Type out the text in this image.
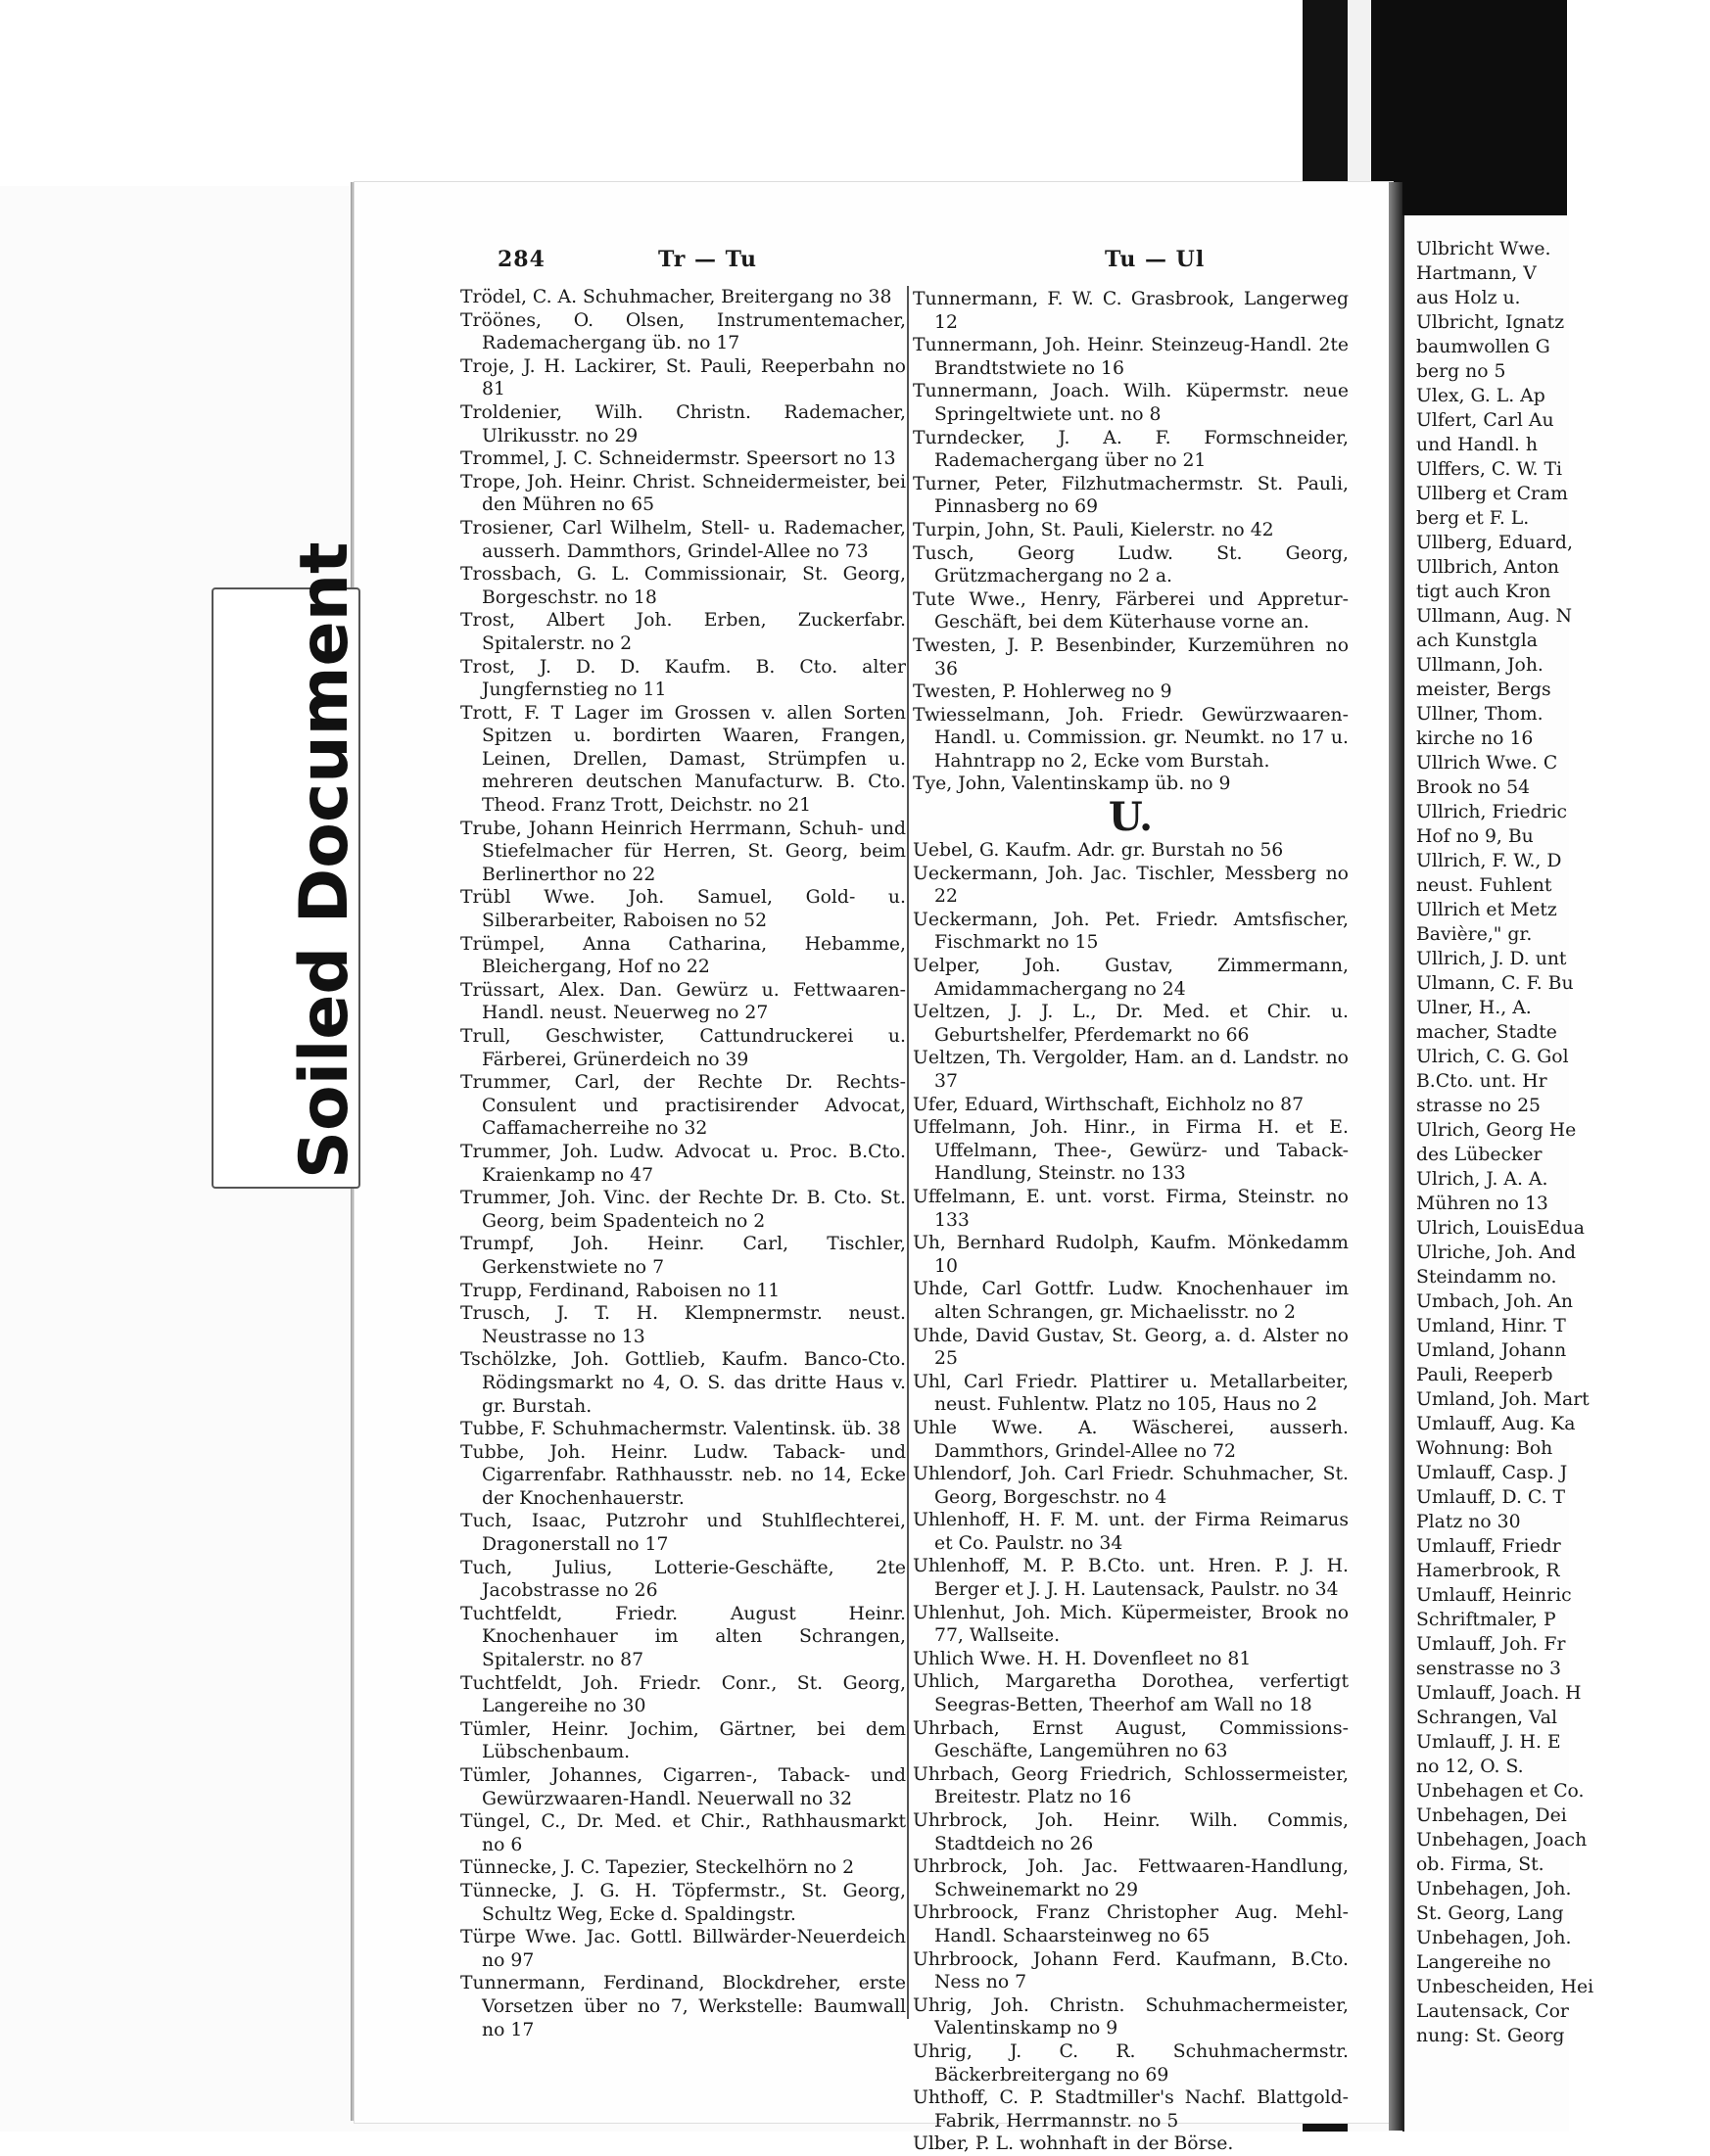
Ulbricht Wwe.
Hartmann, V
aus Holz u.
Ulbricht, Ignatz
baumwollen G
berg no 5
Ulex, G. L. Ap
Ulfert, Carl Au
und Handl. h
Ulffers, C. W. Ti
Ullberg et Cram
berg et F. L.
Ullberg, Eduard,
Ullbrich, Anton
tigt auch Kron
Ullmann, Aug. N
ach Kunstgla
Ullmann, Joh.
meister, Bergs
Ullner, Thom.
kirche no 16
Ullrich Wwe. C
Brook no 54
Ullrich, Friedric
Hof no 9, Bu
Ullrich, F. W., D
neust. Fuhlent
Ullrich et Metz
Bavière," gr.
Ullrich, J. D. unt
Ulmann, C. F. Bu
Ulner, H., A.
macher, Stadte
Ulrich, C. G. Gol
B.Cto. unt. Hr
strasse no 25
Ulrich, Georg He
des Lübecker
Ulrich, J. A. A.
Mühren no 13
Ulrich, LouisEdua
Ulriche, Joh. And
Steindamm no.
Umbach, Joh. An
Umland, Hinr. T
Umland, Johann
Pauli, Reeperb
Umland, Joh. Mart
Umlauff, Aug. Ka
Wohnung: Boh
Umlauff, Casp. J
Umlauff, D. C. T
Platz no 30
Umlauff, Friedr
Hamerbrook, R
Umlauff, Heinric
Schriftmaler, P
Umlauff, Joh. Fr
senstrasse no 3
Umlauff, Joach. H
Schrangen, Val
Umlauff, J. H. E
no 12, O. S.
Unbehagen et Co.
Unbehagen, Dei
Unbehagen, Joach
ob. Firma, St.
Unbehagen, Joh.
St. Georg, Lang
Unbehagen, Joh.
Langereihe no
Unbescheiden, Hei
Lautensack, Cor
nung: St. Georg
Soiled Document
284	Tr — Tu	Tu — Ul
Trödel, C. A. Schuhmacher, Breitergang no 38
Tröönes, O. Olsen, Instrumentemacher, Rademachergang üb. no 17
Troje, J. H. Lackirer, St. Pauli, Reeperbahn no 81
Troldenier, Wilh. Christn. Rademacher, Ulrikusstr. no 29
Trommel, J. C. Schneidermstr. Speersort no 13
Trope, Joh. Heinr. Christ. Schneidermeister, bei den Mühren no 65
Trosiener, Carl Wilhelm, Stell- u. Rademacher, ausserh. Dammthors, Grindel-Allee no 73
Trossbach, G. L. Commissionair, St. Georg, Borgeschstr. no 18
Trost, Albert Joh. Erben, Zuckerfabr. Spitalerstr. no 2
Trost, J. D. D. Kaufm. B. Cto. alter Jungfernstieg no 11
Trott, F. T Lager im Grossen v. allen Sorten Spitzen u. bordirten Waaren, Frangen, Leinen, Drellen, Damast, Strümpfen u. mehreren deutschen Manufacturw. B. Cto. Theod. Franz Trott, Deichstr. no 21
Trube, Johann Heinrich Herrmann, Schuh- und Stiefelmacher für Herren, St. Georg, beim Berlinerthor no 22
Trübl Wwe. Joh. Samuel, Gold- u. Silberarbeiter, Raboisen no 52
Trümpel, Anna Catharina, Hebamme, Bleichergang, Hof no 22
Trüssart, Alex. Dan. Gewürz u. Fettwaaren-Handl. neust. Neuerweg no 27
Trull, Geschwister, Cattundruckerei u. Färberei, Grünerdeich no 39
Trummer, Carl, der Rechte Dr. Rechts-Consulent und practisirender Advocat, Caffamacherreihe no 32
Trummer, Joh. Ludw. Advocat u. Proc. B.Cto. Kraienkamp no 47
Trummer, Joh. Vinc. der Rechte Dr. B. Cto. St. Georg, beim Spadenteich no 2
Trumpf, Joh. Heinr. Carl, Tischler, Gerkenstwiete no 7
Trupp, Ferdinand, Raboisen no 11
Trusch, J. T. H. Klempnermstr. neust. Neustrasse no 13
Tschölzke, Joh. Gottlieb, Kaufm. Banco-Cto. Rödingsmarkt no 4, O. S. das dritte Haus v. gr. Burstah.
Tubbe, F. Schuhmachermstr. Valentinsk. üb. 38
Tubbe, Joh. Heinr. Ludw. Taback- und Cigarrenfabr. Rathhausstr. neb. no 14, Ecke der Knochenhauerstr.
Tuch, Isaac, Putzrohr und Stuhlflechterei, Dragonerstall no 17
Tuch, Julius, Lotterie-Geschäfte, 2te Jacobstrasse no 26
Tuchtfeldt, Friedr. August Heinr. Knochenhauer im alten Schrangen, Spitalerstr. no 87
Tuchtfeldt, Joh. Friedr. Conr., St. Georg, Langereihe no 30
Tümler, Heinr. Jochim, Gärtner, bei dem Lübschenbaum.
Tümler, Johannes, Cigarren-, Taback- und Gewürzwaaren-Handl. Neuerwall no 32
Tüngel, C., Dr. Med. et Chir., Rathhausmarkt no 6
Tünnecke, J. C. Tapezier, Steckelhörn no 2
Tünnecke, J. G. H. Töpfermstr., St. Georg, Schultz Weg, Ecke d. Spaldingstr.
Türpe Wwe. Jac. Gottl. Billwärder-Neuerdeich no 97
Tunnermann, Ferdinand, Blockdreher, erste Vorsetzen über no 7, Werkstelle: Baumwall no 17
Tunnermann, F. W. C. Grasbrook, Langerweg 12
Tunnermann, Joh. Heinr. Steinzeug-Handl. 2te Brandtstwiete no 16
Tunnermann, Joach. Wilh. Küpermstr. neue Springeltwiete unt. no 8
Turndecker, J. A. F. Formschneider, Rademachergang über no 21
Turner, Peter, Filzhutmachermstr. St. Pauli, Pinnasberg no 69
Turpin, John, St. Pauli, Kielerstr. no 42
Tusch, Georg Ludw. St. Georg, Grützmachergang no 2 a.
Tute Wwe., Henry, Färberei und Appretur-Geschäft, bei dem Küterhause vorne an.
Twesten, J. P. Besenbinder, Kurzemühren no 36
Twesten, P. Hohlerweg no 9
Twiesselmann, Joh. Friedr. Gewürzwaaren-Handl. u. Commission. gr. Neumkt. no 17 u. Hahntrapp no 2, Ecke vom Burstah.
Tye, John, Valentinskamp üb. no 9
U.
Uebel, G. Kaufm. Adr. gr. Burstah no 56
Ueckermann, Joh. Jac. Tischler, Messberg no 22
Ueckermann, Joh. Pet. Friedr. Amtsfischer, Fischmarkt no 15
Uelper, Joh. Gustav, Zimmermann, Amidammachergang no 24
Ueltzen, J. J. L., Dr. Med. et Chir. u. Geburtshelfer, Pferdemarkt no 66
Ueltzen, Th. Vergolder, Ham. an d. Landstr. no 37
Ufer, Eduard, Wirthschaft, Eichholz no 87
Uffelmann, Joh. Hinr., in Firma H. et E. Uffelmann, Thee-, Gewürz- und Taback-Handlung, Steinstr. no 133
Uffelmann, E. unt. vorst. Firma, Steinstr. no 133
Uh, Bernhard Rudolph, Kaufm. Mönkedamm 10
Uhde, Carl Gottfr. Ludw. Knochenhauer im alten Schrangen, gr. Michaelisstr. no 2
Uhde, David Gustav, St. Georg, a. d. Alster no 25
Uhl, Carl Friedr. Plattirer u. Metallarbeiter, neust. Fuhlentw. Platz no 105, Haus no 2
Uhle Wwe. A. Wäscherei, ausserh. Dammthors, Grindel-Allee no 72
Uhlendorf, Joh. Carl Friedr. Schuhmacher, St. Georg, Borgeschstr. no 4
Uhlenhoff, H. F. M. unt. der Firma Reimarus et Co. Paulstr. no 34
Uhlenhoff, M. P. B.Cto. unt. Hren. P. J. H. Berger et J. J. H. Lautensack, Paulstr. no 34
Uhlenhut, Joh. Mich. Küpermeister, Brook no 77, Wallseite.
Uhlich Wwe. H. H. Dovenfleet no 81
Uhlich, Margaretha Dorothea, verfertigt Seegras-Betten, Theerhof am Wall no 18
Uhrbach, Ernst August, Commissions-Geschäfte, Langemühren no 63
Uhrbach, Georg Friedrich, Schlossermeister, Breitestr. Platz no 16
Uhrbrock, Joh. Heinr. Wilh. Commis, Stadtdeich no 26
Uhrbrock, Joh. Jac. Fettwaaren-Handlung, Schweinemarkt no 29
Uhrbroock, Franz Christopher Aug. Mehl-Handl. Schaarsteinweg no 65
Uhrbroock, Johann Ferd. Kaufmann, B.Cto. Ness no 7
Uhrig, Joh. Christn. Schuhmachermeister, Valentinskamp no 9
Uhrig, J. C. R. Schuhmachermstr. Bäckerbreitergang no 69
Uhthoff, C. P. Stadtmiller's Nachf. Blattgold-Fabrik, Herrmannstr. no 5
Ulber, P. L. wohnhaft in der Börse.
